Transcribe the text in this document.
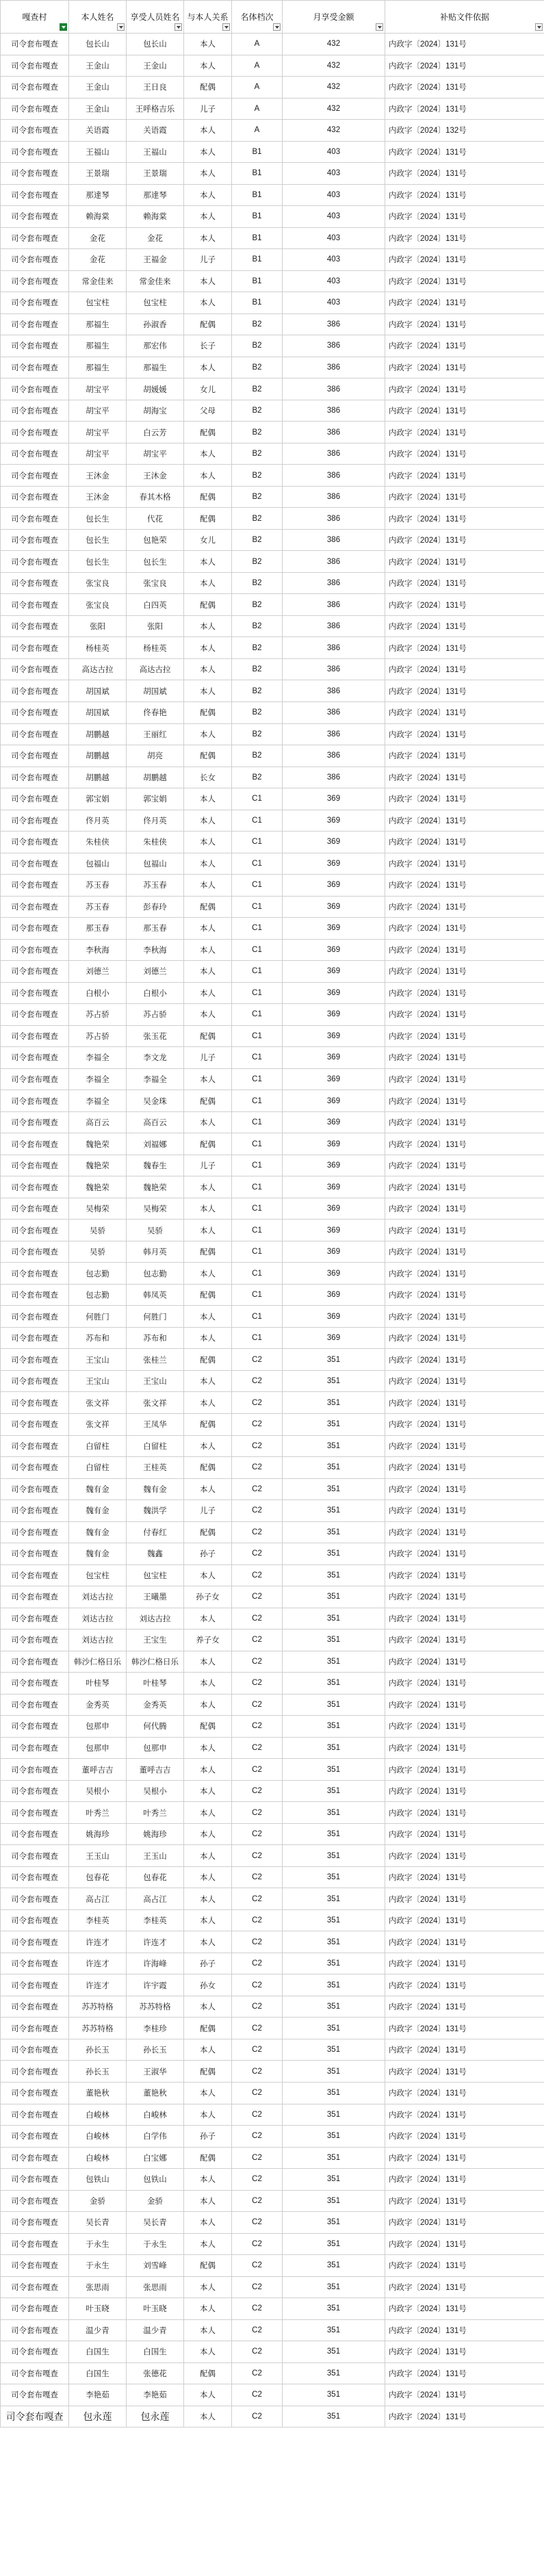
嘎查村	本人姓名	享受人员姓名	与本人关系	名体档次	月享受金额	补贴文件依据

司令套布嘎查	包长山	包长山	本人	A	432	内政字〔2024〕131号
司令套布嘎查	王金山	王金山	本人	A	432	内政字〔2024〕131号
司令套布嘎查	王金山	王日良	配偶	A	432	内政字〔2024〕131号
司令套布嘎查	王金山	王呼格吉乐	儿子	A	432	内政字〔2024〕131号
司令套布嘎查	关语霞	关语霞	本人	A	432	内政字〔2024〕132号
司令套布嘎查	王福山	王福山	本人	B1	403	内政字〔2024〕131号
司令套布嘎查	王景瑞	王景瑞	本人	B1	403	内政字〔2024〕131号
司令套布嘎查	那達琴	那達琴	本人	B1	403	内政字〔2024〕131号
司令套布嘎查	赖海棠	赖海棠	本人	B1	403	内政字〔2024〕131号
司令套布嘎查	金花	金花	本人	B1	403	内政字〔2024〕131号
司令套布嘎查	金花	王福金	儿子	B1	403	内政字〔2024〕131号
司令套布嘎查	常金佳来	常金佳来	本人	B1	403	内政字〔2024〕131号
司令套布嘎查	包宝柱	包宝柱	本人	B1	403	内政字〔2024〕131号
司令套布嘎查	那福生	孙淑香	配偶	B2	386	内政字〔2024〕131号
司令套布嘎查	那福生	那宏伟	长子	B2	386	内政字〔2024〕131号
司令套布嘎查	那福生	那福生	本人	B2	386	内政字〔2024〕131号
司令套布嘎查	胡宝平	胡媛媛	女儿	B2	386	内政字〔2024〕131号
司令套布嘎查	胡宝平	胡海宝	父母	B2	386	内政字〔2024〕131号
司令套布嘎查	胡宝平	白云芳	配偶	B2	386	内政字〔2024〕131号
司令套布嘎查	胡宝平	胡宝平	本人	B2	386	内政字〔2024〕131号
司令套布嘎查	王沐金	王沐金	本人	B2	386	内政字〔2024〕131号
司令套布嘎查	王沐金	春其木格	配偶	B2	386	内政字〔2024〕131号
司令套布嘎查	包长生	代花	配偶	B2	386	内政字〔2024〕131号
司令套布嘎查	包长生	包艳荣	女儿	B2	386	内政字〔2024〕131号
司令套布嘎查	包长生	包长生	本人	B2	386	内政字〔2024〕131号
司令套布嘎查	张宝良	张宝良	本人	B2	386	内政字〔2024〕131号
司令套布嘎查	张宝良	白四英	配偶	B2	386	内政字〔2024〕131号
司令套布嘎查	张阳	张阳	本人	B2	386	内政字〔2024〕131号
司令套布嘎查	杨桂英	杨桂英	本人	B2	386	内政字〔2024〕131号
司令套布嘎查	高达古拉	高达古拉	本人	B2	386	内政字〔2024〕131号
司令套布嘎查	胡国斌	胡国斌	本人	B2	386	内政字〔2024〕131号
司令套布嘎查	胡国斌	佟春艳	配偶	B2	386	内政字〔2024〕131号
司令套布嘎查	胡鹏越	王丽红	本人	B2	386	内政字〔2024〕131号
司令套布嘎查	胡鹏越	胡亮	配偶	B2	386	内政字〔2024〕131号
司令套布嘎查	胡鹏越	胡鹏越	长女	B2	386	内政字〔2024〕131号
司令套布嘎查	郭宝娟	郭宝娟	本人	C1	369	内政字〔2024〕131号
司令套布嘎查	佟月英	佟月英	本人	C1	369	内政字〔2024〕131号
司令套布嘎查	朱桂侠	朱桂侠	本人	C1	369	内政字〔2024〕131号
司令套布嘎查	包福山	包福山	本人	C1	369	内政字〔2024〕131号
司令套布嘎查	苏玉春	苏玉春	本人	C1	369	内政字〔2024〕131号
司令套布嘎查	苏玉春	彭春玲	配偶	C1	369	内政字〔2024〕131号
司令套布嘎查	那玉春	那玉春	本人	C1	369	内政字〔2024〕131号
司令套布嘎查	李秋海	李秋海	本人	C1	369	内政字〔2024〕131号
司令套布嘎查	刘德兰	刘德兰	本人	C1	369	内政字〔2024〕131号
司令套布嘎查	白根小	白根小	本人	C1	369	内政字〔2024〕131号
司令套布嘎查	苏占骄	苏占骄	本人	C1	369	内政字〔2024〕131号
司令套布嘎查	苏占骄	张玉花	配偶	C1	369	内政字〔2024〕131号
司令套布嘎查	李福全	李文龙	儿子	C1	369	内政字〔2024〕131号
司令套布嘎查	李福全	李福全	本人	C1	369	内政字〔2024〕131号
司令套布嘎查	李福全	吴金珠	配偶	C1	369	内政字〔2024〕131号
司令套布嘎查	高百云	高百云	本人	C1	369	内政字〔2024〕131号
司令套布嘎查	魏艳荣	刘福娜	配偶	C1	369	内政字〔2024〕131号
司令套布嘎查	魏艳荣	魏春生	儿子	C1	369	内政字〔2024〕131号
司令套布嘎查	魏艳荣	魏艳荣	本人	C1	369	内政字〔2024〕131号
司令套布嘎查	吴梅荣	吴梅荣	本人	C1	369	内政字〔2024〕131号
司令套布嘎查	吴骄	吴骄	本人	C1	369	内政字〔2024〕131号
司令套布嘎查	吴骄	韩月英	配偶	C1	369	内政字〔2024〕131号
司令套布嘎查	包志勤	包志勤	本人	C1	369	内政字〔2024〕131号
司令套布嘎查	包志勤	韩凤英	配偶	C1	369	内政字〔2024〕131号
司令套布嘎查	何胜门	何胜门	本人	C1	369	内政字〔2024〕131号
司令套布嘎查	苏布和	苏布和	本人	C1	369	内政字〔2024〕131号
司令套布嘎查	王宝山	张桂兰	配偶	C2	351	内政字〔2024〕131号
司令套布嘎查	王宝山	王宝山	本人	C2	351	内政字〔2024〕131号
司令套布嘎查	张文祥	张文祥	本人	C2	351	内政字〔2024〕131号
司令套布嘎查	张文祥	王凤华	配偶	C2	351	内政字〔2024〕131号
司令套布嘎查	白留柱	白留柱	本人	C2	351	内政字〔2024〕131号
司令套布嘎查	白留柱	王桂英	配偶	C2	351	内政字〔2024〕131号
司令套布嘎查	魏有金	魏有金	本人	C2	351	内政字〔2024〕131号
司令套布嘎查	魏有金	魏洪学	儿子	C2	351	内政字〔2024〕131号
司令套布嘎查	魏有金	付春红	配偶	C2	351	内政字〔2024〕131号
司令套布嘎查	魏有金	魏鑫	孙子	C2	351	内政字〔2024〕131号
司令套布嘎查	包宝柱	包宝柱	本人	C2	351	内政字〔2024〕131号
司令套布嘎查	刘达古拉	王曦墨	孙子女	C2	351	内政字〔2024〕131号
司令套布嘎查	刘达古拉	刘达古拉	本人	C2	351	内政字〔2024〕131号
司令套布嘎查	刘达古拉	王宝生	养子女	C2	351	内政字〔2024〕131号
司令套布嘎查	韩沙仁格日乐	韩沙仁格日乐	本人	C2	351	内政字〔2024〕131号
司令套布嘎查	叶桂琴	叶桂琴	本人	C2	351	内政字〔2024〕131号
司令套布嘎查	金秀英	金秀英	本人	C2	351	内政字〔2024〕131号
司令套布嘎查	包那申	何代腾	配偶	C2	351	内政字〔2024〕131号
司令套布嘎查	包那申	包那申	本人	C2	351	内政字〔2024〕131号
司令套布嘎查	董呼吉吉	董呼吉吉	本人	C2	351	内政字〔2024〕131号
司令套布嘎查	吴根小	吴根小	本人	C2	351	内政字〔2024〕131号
司令套布嘎查	叶秀兰	叶秀兰	本人	C2	351	内政字〔2024〕131号
司令套布嘎查	姚海珍	姚海珍	本人	C2	351	内政字〔2024〕131号
司令套布嘎查	王玉山	王玉山	本人	C2	351	内政字〔2024〕131号
司令套布嘎查	包春花	包春花	本人	C2	351	内政字〔2024〕131号
司令套布嘎查	高占江	高占江	本人	C2	351	内政字〔2024〕131号
司令套布嘎查	李桂英	李桂英	本人	C2	351	内政字〔2024〕131号
司令套布嘎查	许连才	许连才	本人	C2	351	内政字〔2024〕131号
司令套布嘎查	许连才	许海峰	孙子	C2	351	内政字〔2024〕131号
司令套布嘎查	许连才	许宇霞	孙女	C2	351	内政字〔2024〕131号
司令套布嘎查	苏苏特格	苏苏特格	本人	C2	351	内政字〔2024〕131号
司令套布嘎查	苏苏特格	李桂珍	配偶	C2	351	内政字〔2024〕131号
司令套布嘎查	孙长玉	孙长玉	本人	C2	351	内政字〔2024〕131号
司令套布嘎查	孙长玉	王淑华	配偶	C2	351	内政字〔2024〕131号
司令套布嘎查	董艳秋	董艳秋	本人	C2	351	内政字〔2024〕131号
司令套布嘎查	白峻林	白峻林	本人	C2	351	内政字〔2024〕131号
司令套布嘎查	白峻林	白学伟	孙子	C2	351	内政字〔2024〕131号
司令套布嘎查	白峻林	白宝娜	配偶	C2	351	内政字〔2024〕131号
司令套布嘎查	包铁山	包铁山	本人	C2	351	内政字〔2024〕131号
司令套布嘎查	金骄	金骄	本人	C2	351	内政字〔2024〕131号
司令套布嘎查	吴长青	吴长青	本人	C2	351	内政字〔2024〕131号
司令套布嘎查	于永生	于永生	本人	C2	351	内政字〔2024〕131号
司令套布嘎查	于永生	刘雪峰	配偶	C2	351	内政字〔2024〕131号
司令套布嘎查	张思雨	张思雨	本人	C2	351	内政字〔2024〕131号
司令套布嘎查	叶玉晓	叶玉晓	本人	C2	351	内政字〔2024〕131号
司令套布嘎查	温少青	温少青	本人	C2	351	内政字〔2024〕131号
司令套布嘎查	白国生	白国生	本人	C2	351	内政字〔2024〕131号
司令套布嘎查	白国生	张德花	配偶	C2	351	内政字〔2024〕131号
司令套布嘎查	李艳茹	李艳茹	本人	C2	351	内政字〔2024〕131号
司令套布嘎查	包永莲	包永莲	本人	C2	351	内政字〔2024〕131号
